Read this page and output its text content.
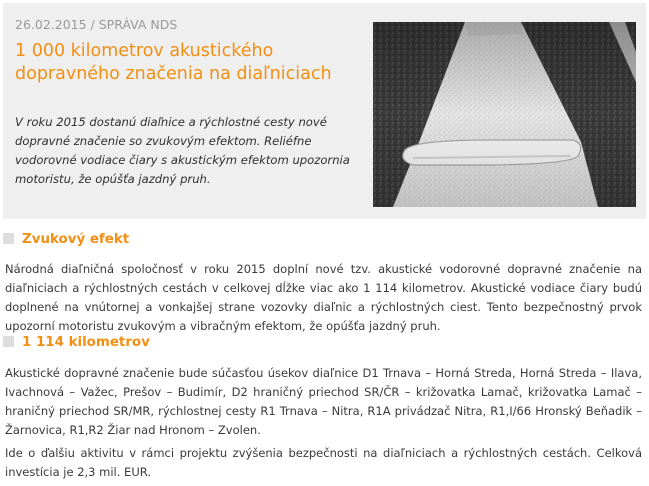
26.02.2015 / SPRÁVA NDS
1 000 kilometrov akustického dopravného značenia na diaľniciach

V roku 2015 dostanú diaľnice a rýchlostné cesty nové dopravné značenie so zvukovým efektom. Reliéfne vodorovné vodiace čiary s akustickým efektom upozornia motoristu, že opúšťa jazdný pruh.

Zvukový efekt

Národná diaľničná spoločnosť v roku 2015 doplní nové tzv. akustické vodorovné dopravné značenie na diaľniciach a rýchlostných cestách v celkovej dĺžke viac ako 1 114 kilometrov. Akustické vodiace čiary budú doplnené na vnútornej a vonkajšej strane vozovky diaľnic a rýchlostných ciest. Tento bezpečnostný prvok upozorní motoristu zvukovým a vibračným efektom, že opúšťa jazdný pruh.

1 114 kilometrov

Akustické dopravné značenie bude súčasťou úsekov diaľnice D1 Trnava – Horná Streda, Horná Streda – Ilava, Ivachnová – Važec, Prešov – Budimír, D2 hraničný priechod SR/ČR – križovatka Lamač, križovatka Lamač – hraničný priechod SR/MR, rýchlostnej cesty R1 Trnava – Nitra, R1A privádzač Nitra, R1,I/66 Hronský Beňadik – Žarnovica, R1,R2 Žiar nad Hronom – Zvolen.

Ide o ďalšiu aktivitu v rámci projektu zvýšenia bezpečnosti na diaľniciach a rýchlostných cestách. Celková investícia je 2,3 mil. EUR.
